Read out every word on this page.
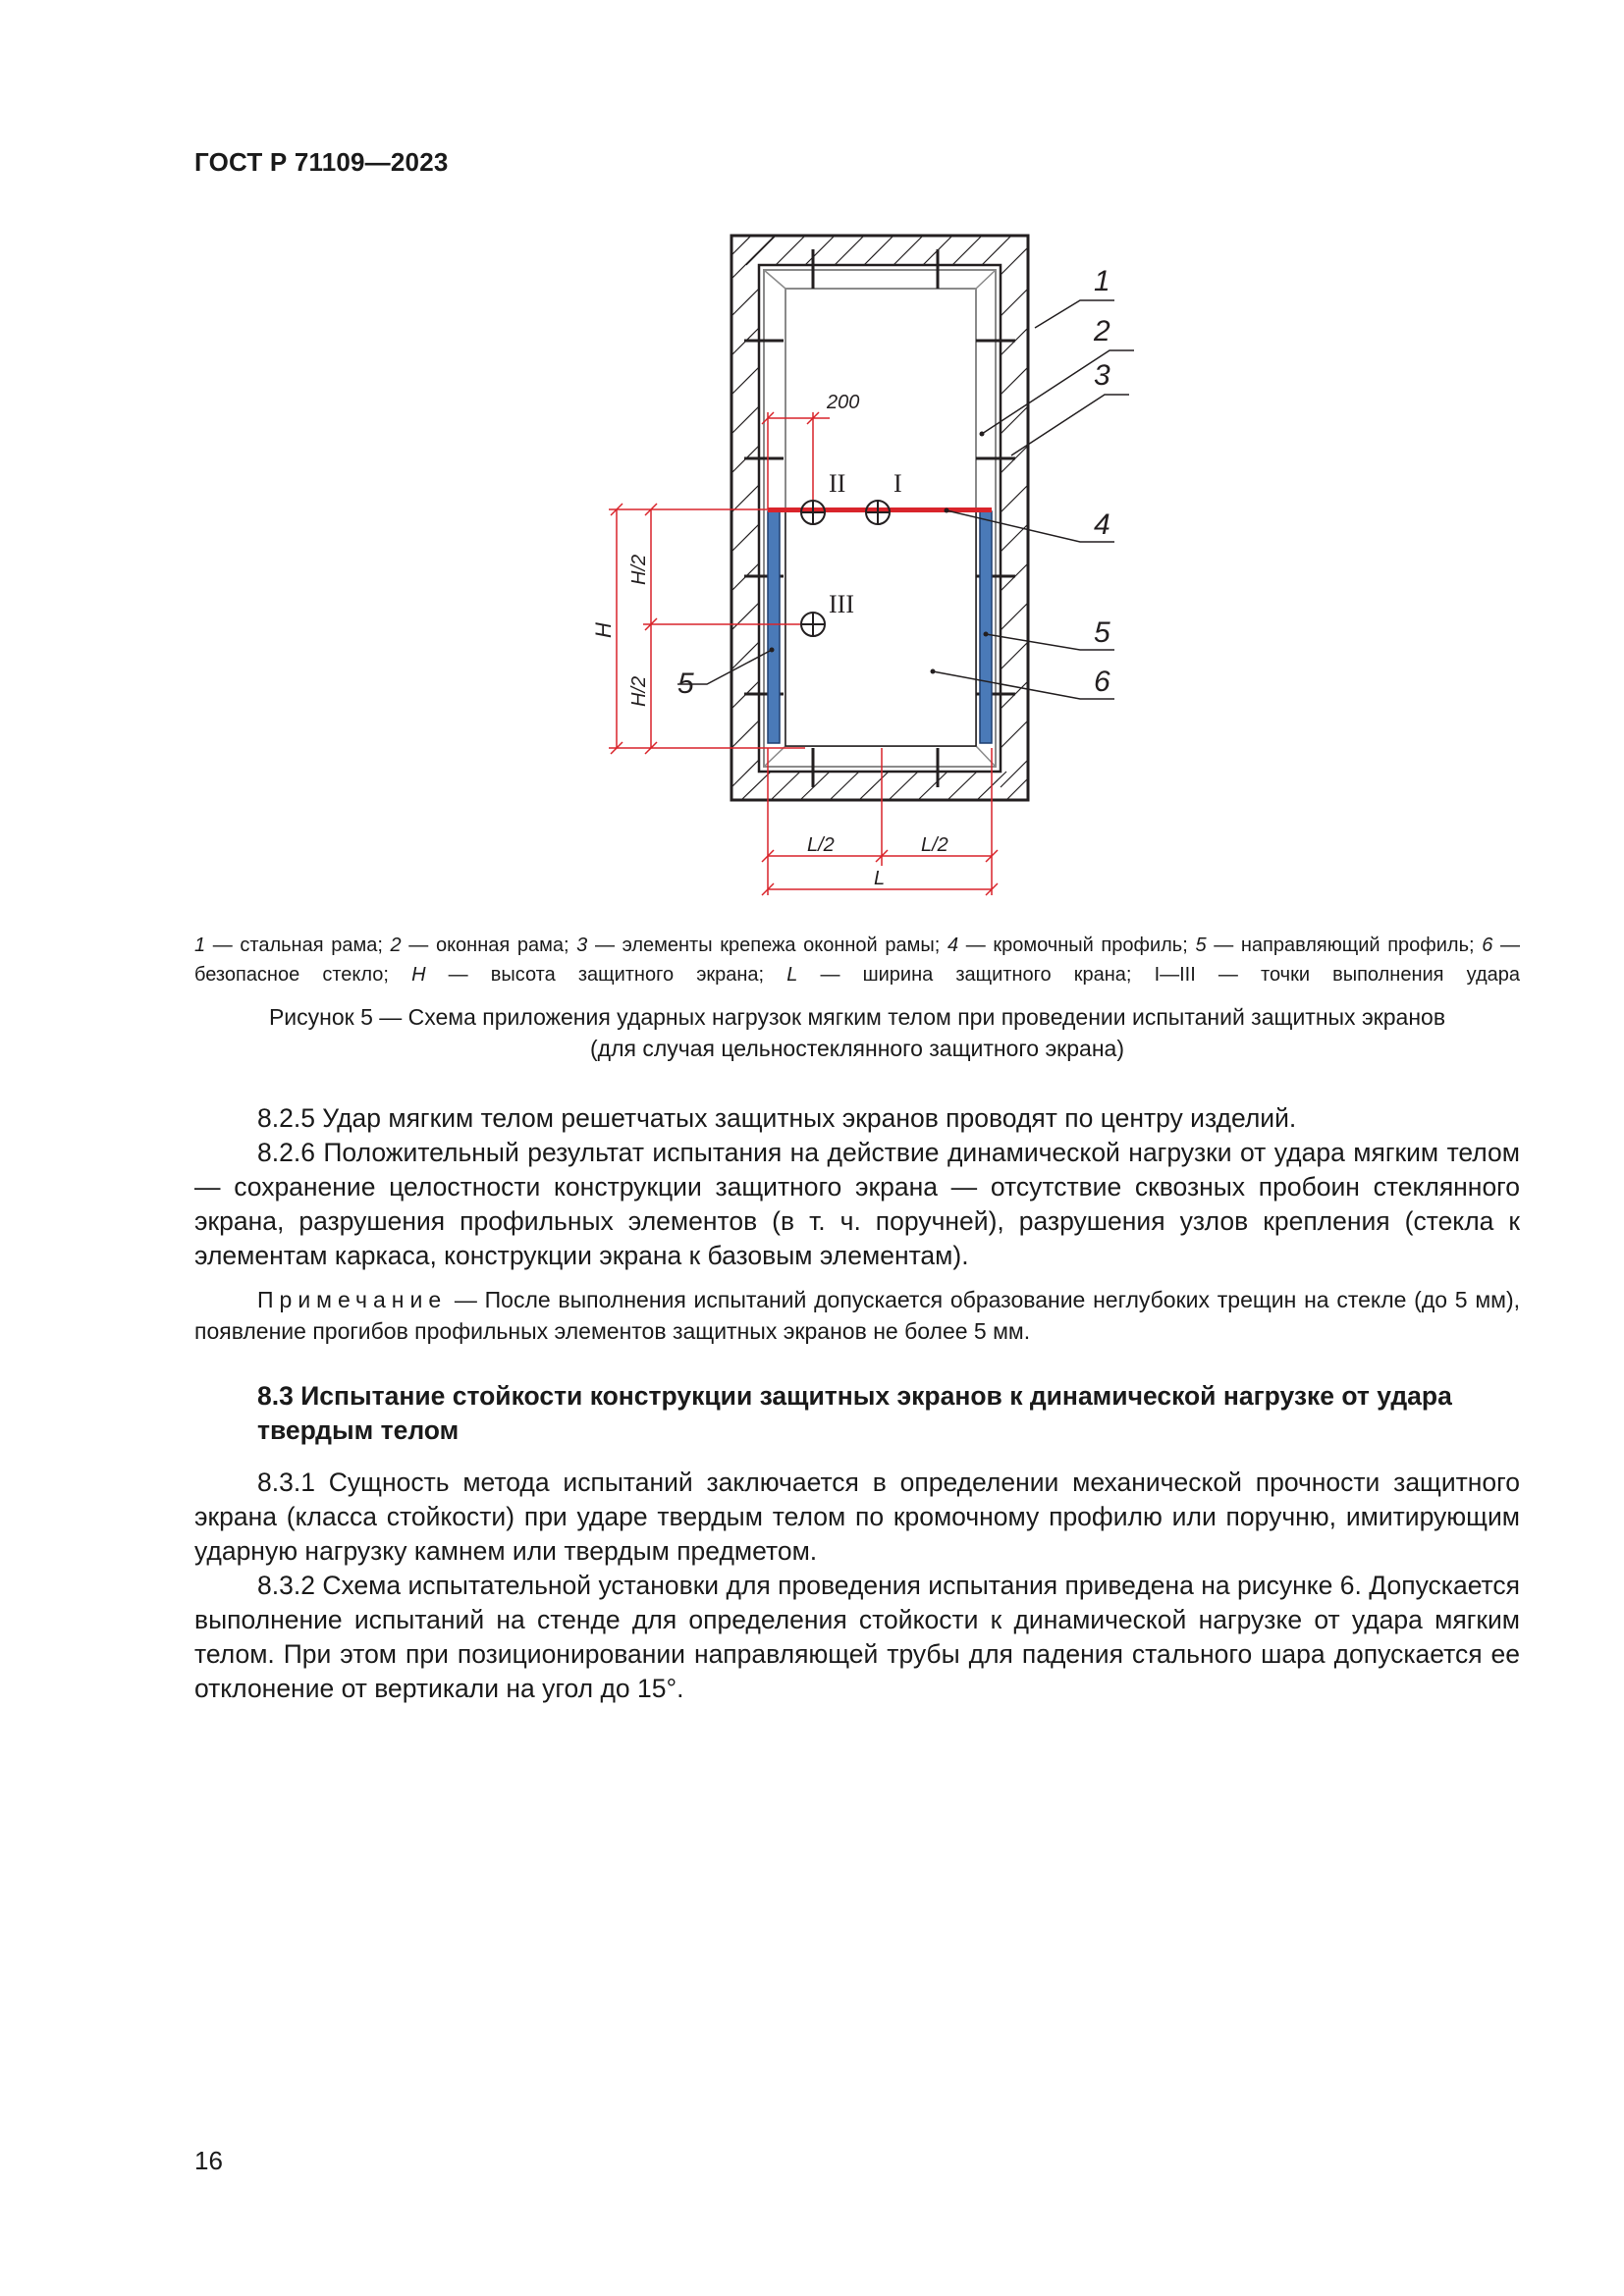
ГОСТ Р 71109—2023
200
II I
III
H
H/2
H/2
L/2	L/2
L
1
2
3
4
5
6
5
1 — стальная рама; 2 — оконная рама; 3 — элементы крепежа оконной рамы; 4 — кромочный профиль; 5 — направляющий профиль; 6 — безопасное стекло; H — высота защитного экрана; L — ширина защитного крана; I—III — точки выполнения удара
Рисунок 5 — Схема приложения ударных нагрузок мягким телом при проведении испытаний защитных экранов
(для случая цельностеклянного защитного экрана)
8.2.5 Удар мягким телом решетчатых защитных экранов проводят по центру изделий.
8.2.6 Положительный результат испытания на действие динамической нагрузки от удара мягким телом — сохранение целостности конструкции защитного экрана — отсутствие сквозных пробоин стеклянного экрана, разрушения профильных элементов (в т. ч. поручней), разрушения узлов крепления (стекла к элементам каркаса, конструкции экрана к базовым элементам).
Примечание — После выполнения испытаний допускается образование неглубоких трещин на стекле (до 5 мм), появление прогибов профильных элементов защитных экранов не более 5 мм.
8.3 Испытание стойкости конструкции защитных экранов к динамической нагрузке от удара твердым телом
8.3.1 Сущность метода испытаний заключается в определении механической прочности защитного экрана (класса стойкости) при ударе твердым телом по кромочному профилю или поручню, имитирующим ударную нагрузку камнем или твердым предметом.
8.3.2 Схема испытательной установки для проведения испытания приведена на рисунке 6. Допускается выполнение испытаний на стенде для определения стойкости к динамической нагрузке от удара мягким телом. При этом при позиционировании направляющей трубы для падения стального шара допускается ее отклонение от вертикали на угол до 15°.
16
